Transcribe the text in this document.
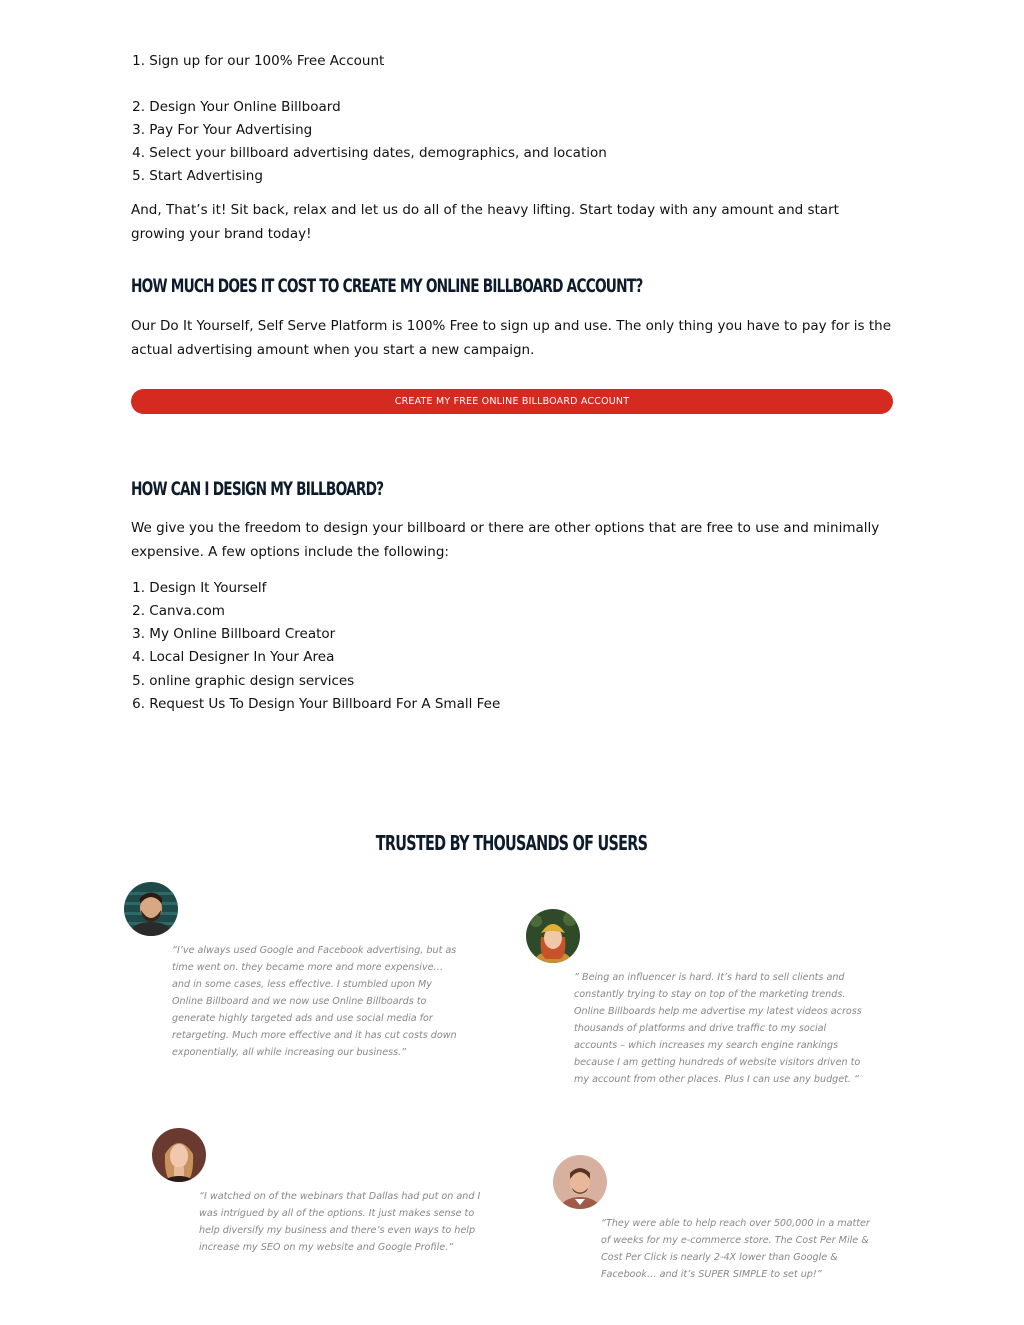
1. Sign up for our 100% Free Account
2. Design Your Online Billboard
3. Pay For Your Advertising
4. Select your billboard advertising dates, demographics, and location
5. Start Advertising
And, That’s it! Sit back, relax and let us do all of the heavy lifting. Start today with any amount and start growing your brand today!
HOW MUCH DOES IT COST TO CREATE MY ONLINE BILLBOARD ACCOUNT?
Our Do It Yourself, Self Serve Platform is 100% Free to sign up and use. The only thing you have to pay for is the actual advertising amount when you start a new campaign.
CREATE MY FREE ONLINE BILLBOARD ACCOUNT
HOW CAN I DESIGN MY BILLBOARD?
We give you the freedom to design your billboard or there are other options that are free to use and minimally expensive. A few options include the following:
1. Design It Yourself
2. Canva.com
3. My Online Billboard Creator
4. Local Designer In Your Area
5. online graphic design services
6. Request Us To Design Your Billboard For A Small Fee
TRUSTED BY THOUSANDS OF USERS
“I’ve always used Google and Facebook advertising, but as time went on. they became more and more expensive… and in some cases, less effective. I stumbled upon My Online Billboard and we now use Online Billboards to generate highly targeted ads and use social media for retargeting. Much more effective and it has cut costs down exponentially, all while increasing our business.”
” Being an influencer is hard. It’s hard to sell clients and constantly trying to stay on top of the marketing trends. Online Billboards help me advertise my latest videos across thousands of platforms and drive traffic to my social accounts – which increases my search engine rankings because I am getting hundreds of website visitors driven to my account from other places. Plus I can use any budget. “
“I watched on of the webinars that Dallas had put on and I was intrigued by all of the options. It just makes sense to help diversify my business and there’s even ways to help increase my SEO on my website and Google Profile.”
“They were able to help reach over 500,000 in a matter of weeks for my e-commerce store. The Cost Per Mile & Cost Per Click is nearly 2-4X lower than Google & Facebook… and it’s SUPER SIMPLE to set up!”
